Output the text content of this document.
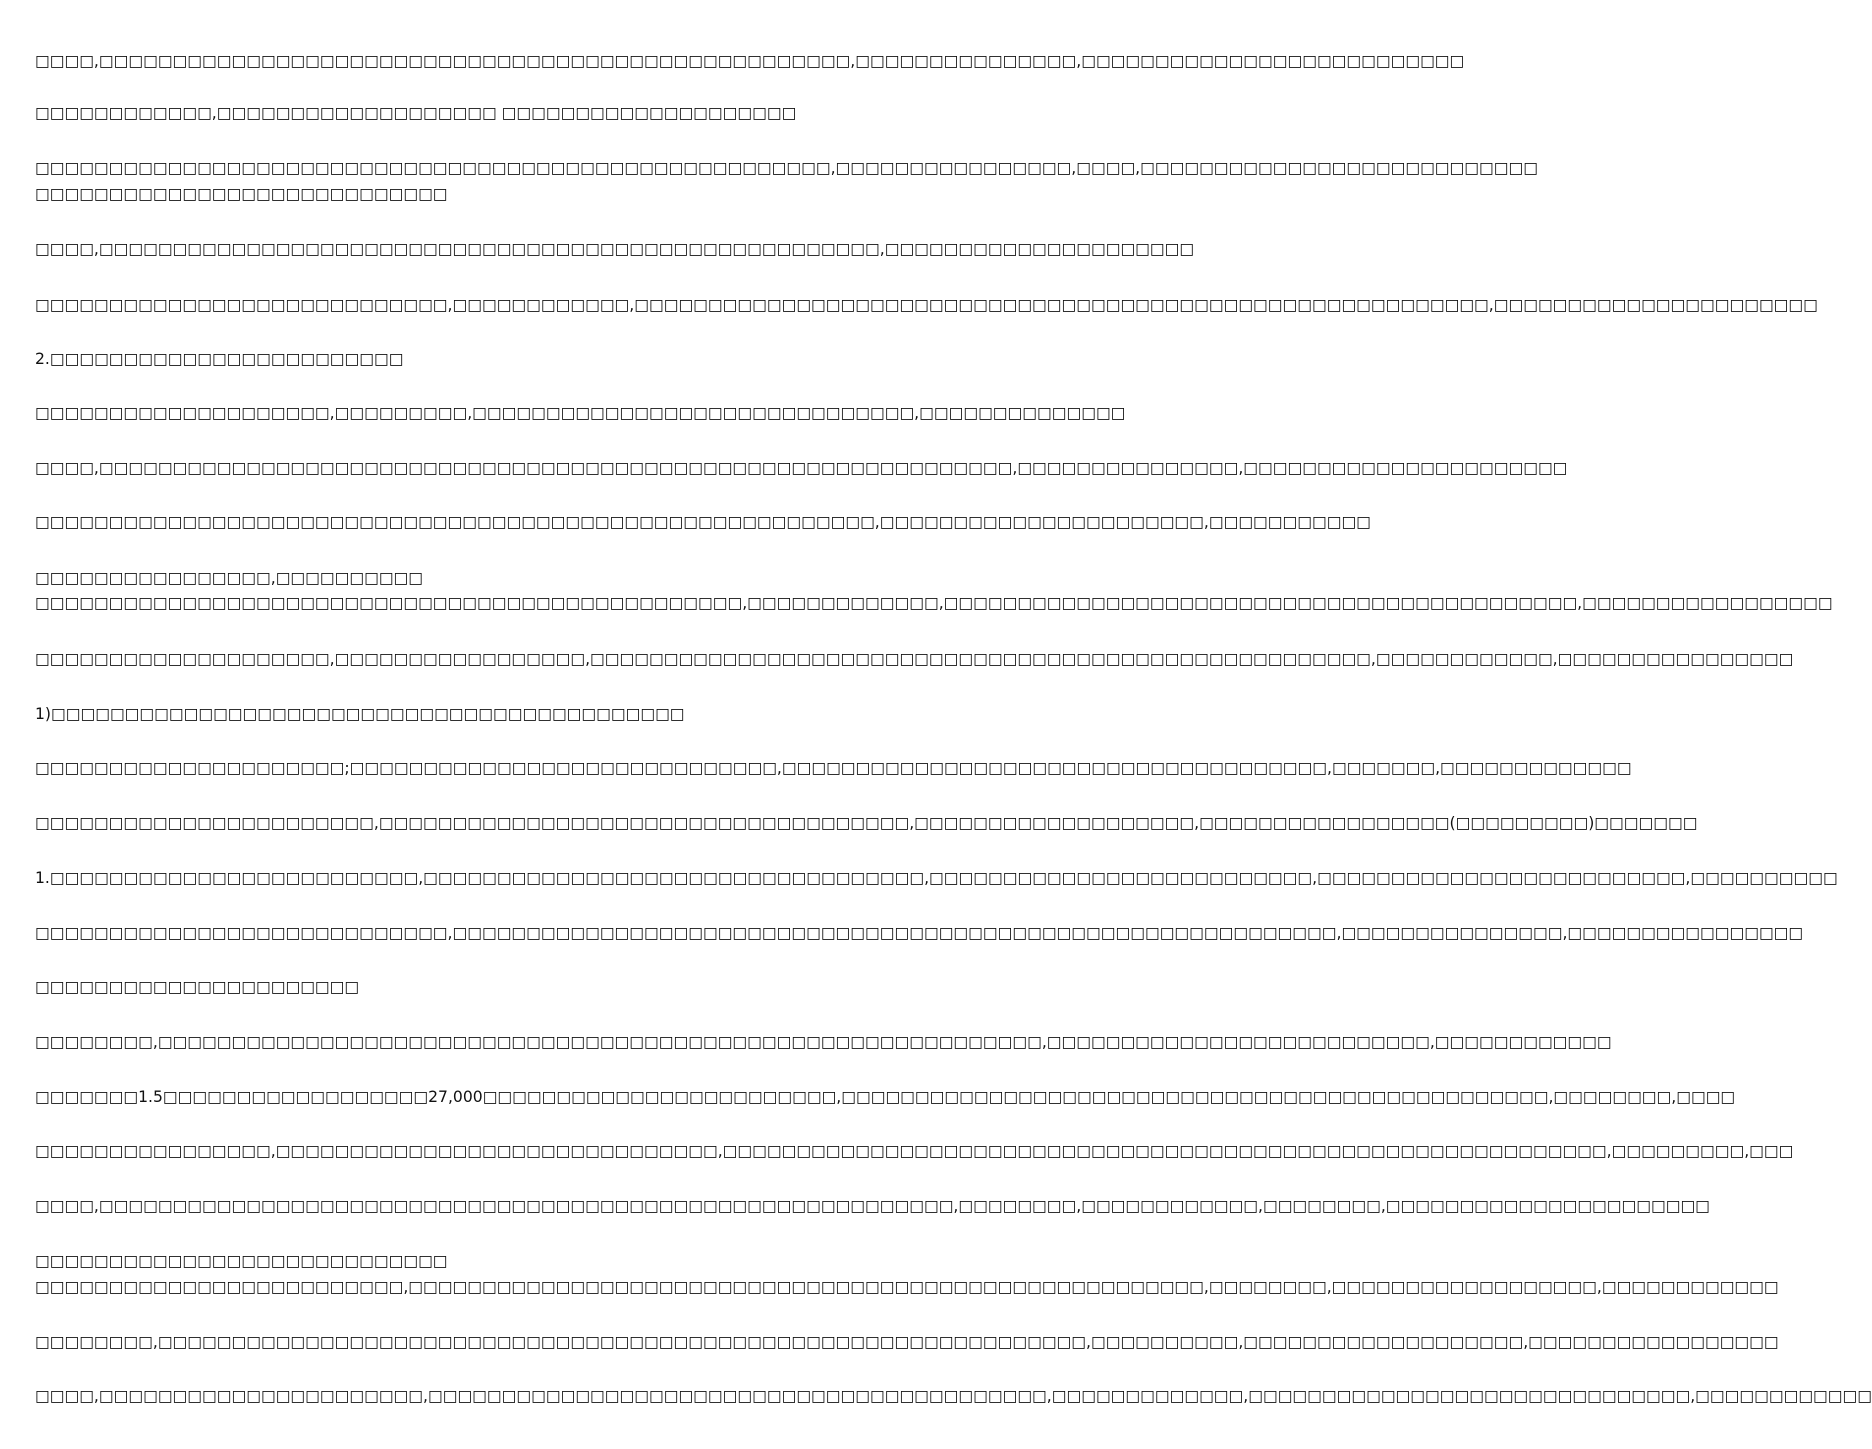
□□□□,□□□□□□□□□□□□□□□□□□□□□□□□□□□□□□□□□□□□□□□□□□□□□□□□□□□,□□□□□□□□□□□□□□□,□□□□□□□□□□□□□□□□□□□□□□□□□□
□□□□□□□□□□□□,□□□□□□□□□□□□□□□□□□□ □□□□□□□□□□□□□□□□□□□□
□□□□□□□□□□□□□□□□□□□□□□□□□□□□□□□□□□□□□□□□□□□□□□□□□□□□□□,□□□□□□□□□□□□□□□□,□□□□,□□□□□□□□□□□□□□□□□□□□□□□□□□□
□□□□□□□□□□□□□□□□□□□□□□□□□□□□
□□□□,□□□□□□□□□□□□□□□□□□□□□□□□□□□□□□□□□□□□□□□□□□□□□□□□□□□□□,□□□□□□□□□□□□□□□□□□□□□
□□□□□□□□□□□□□□□□□□□□□□□□□□□□,□□□□□□□□□□□□,□□□□□□□□□□□□□□□□□□□□□□□□□□□□□□□□□□□□□□□□□□□□□□□□□□□□□□□□□□,□□□□□□□□□□□□□□□□□□□□□□
2.□□□□□□□□□□□□□□□□□□□□□□□□
□□□□□□□□□□□□□□□□□□□□,□□□□□□□□□,□□□□□□□□□□□□□□□□□□□□□□□□□□□□□□,□□□□□□□□□□□□□□
□□□□,□□□□□□□□□□□□□□□□□□□□□□□□□□□□□□□□□□□□□□□□□□□□□□□□□□□□□□□□□□□□□□,□□□□□□□□□□□□□□□,□□□□□□□□□□□□□□□□□□□□□□
□□□□□□□□□□□□□□□□□□□□□□□□□□□□□□□□□□□□□□□□□□□□□□□□□□□□□□□□□,□□□□□□□□□□□□□□□□□□□□□□,□□□□□□□□□□□
□□□□□□□□□□□□□□□□,□□□□□□□□□□
□□□□□□□□□□□□□□□□□□□□□□□□□□□□□□□□□□□□□□□□□□□□□□□□,□□□□□□□□□□□□□,□□□□□□□□□□□□□□□□□□□□□□□□□□□□□□□□□□□□□□□□□□□,□□□□□□□□□□□□□□□□□
□□□□□□□□□□□□□□□□□□□□,□□□□□□□□□□□□□□□□□,□□□□□□□□□□□□□□□□□□□□□□□□□□□□□□□□□□□□□□□□□□□□□□□□□□□□□,□□□□□□□□□□□□,□□□□□□□□□□□□□□□□
1)□□□□□□□□□□□□□□□□□□□□□□□□□□□□□□□□□□□□□□□□□□□
□□□□□□□□□□□□□□□□□□□□□;□□□□□□□□□□□□□□□□□□□□□□□□□□□□□,□□□□□□□□□□□□□□□□□□□□□□□□□□□□□□□□□□□□□,□□□□□□□,□□□□□□□□□□□□□
□□□□□□□□□□□□□□□□□□□□□□□,□□□□□□□□□□□□□□□□□□□□□□□□□□□□□□□□□□□□,□□□□□□□□□□□□□□□□□□□,□□□□□□□□□□□□□□□□□(□□□□□□□□□)□□□□□□□
1.□□□□□□□□□□□□□□□□□□□□□□□□□,□□□□□□□□□□□□□□□□□□□□□□□□□□□□□□□□□□,□□□□□□□□□□□□□□□□□□□□□□□□□□,□□□□□□□□□□□□□□□□□□□□□□□□□,□□□□□□□□□□
□□□□□□□□□□□□□□□□□□□□□□□□□□□□,□□□□□□□□□□□□□□□□□□□□□□□□□□□□□□□□□□□□□□□□□□□□□□□□□□□□□□□□□□□□,□□□□□□□□□□□□□□□,□□□□□□□□□□□□□□□□
□□□□□□□□□□□□□□□□□□□□□□
□□□□□□□□,□□□□□□□□□□□□□□□□□□□□□□□□□□□□□□□□□□□□□□□□□□□□□□□□□□□□□□□□□□□□,□□□□□□□□□□□□□□□□□□□□□□□□□□,□□□□□□□□□□□□
□□□□□□□1.5□□□□□□□□□□□□□□□□□□27,000□□□□□□□□□□□□□□□□□□□□□□□□,□□□□□□□□□□□□□□□□□□□□□□□□□□□□□□□□□□□□□□□□□□□□□□□□,□□□□□□□□,□□□□
□□□□□□□□□□□□□□□□,□□□□□□□□□□□□□□□□□□□□□□□□□□□□□□,□□□□□□□□□□□□□□□□□□□□□□□□□□□□□□□□□□□□□□□□□□□□□□□□□□□□□□□□□□□□,□□□□□□□□□,□□□
□□□□,□□□□□□□□□□□□□□□□□□□□□□□□□□□□□□□□□□□□□□□□□□□□□□□□□□□□□□□□□□,□□□□□□□□,□□□□□□□□□□□□,□□□□□□□□,□□□□□□□□□□□□□□□□□□□□□□
□□□□□□□□□□□□□□□□□□□□□□□□□□□□
□□□□□□□□□□□□□□□□□□□□□□□□□,□□□□□□□□□□□□□□□□□□□□□□□□□□□□□□□□□□□□□□□□□□□□□□□□□□□□□□,□□□□□□□□,□□□□□□□□□□□□□□□□□□,□□□□□□□□□□□□
□□□□□□□□,□□□□□□□□□□□□□□□□□□□□□□□□□□□□□□□□□□□□□□□□□□□□□□□□□□□□□□□□□□□□□□□,□□□□□□□□□□,□□□□□□□□□□□□□□□□□□□,□□□□□□□□□□□□□□□□□
□□□□,□□□□□□□□□□□□□□□□□□□□□□,□□□□□□□□□□□□□□□□□□□□□□□□□□□□□□□□□□□□□□□□□□,□□□□□□□□□□□□□,□□□□□□□□□□□□□□□□□□□□□□□□□□□□□□,□□□□□□□□□□□□
